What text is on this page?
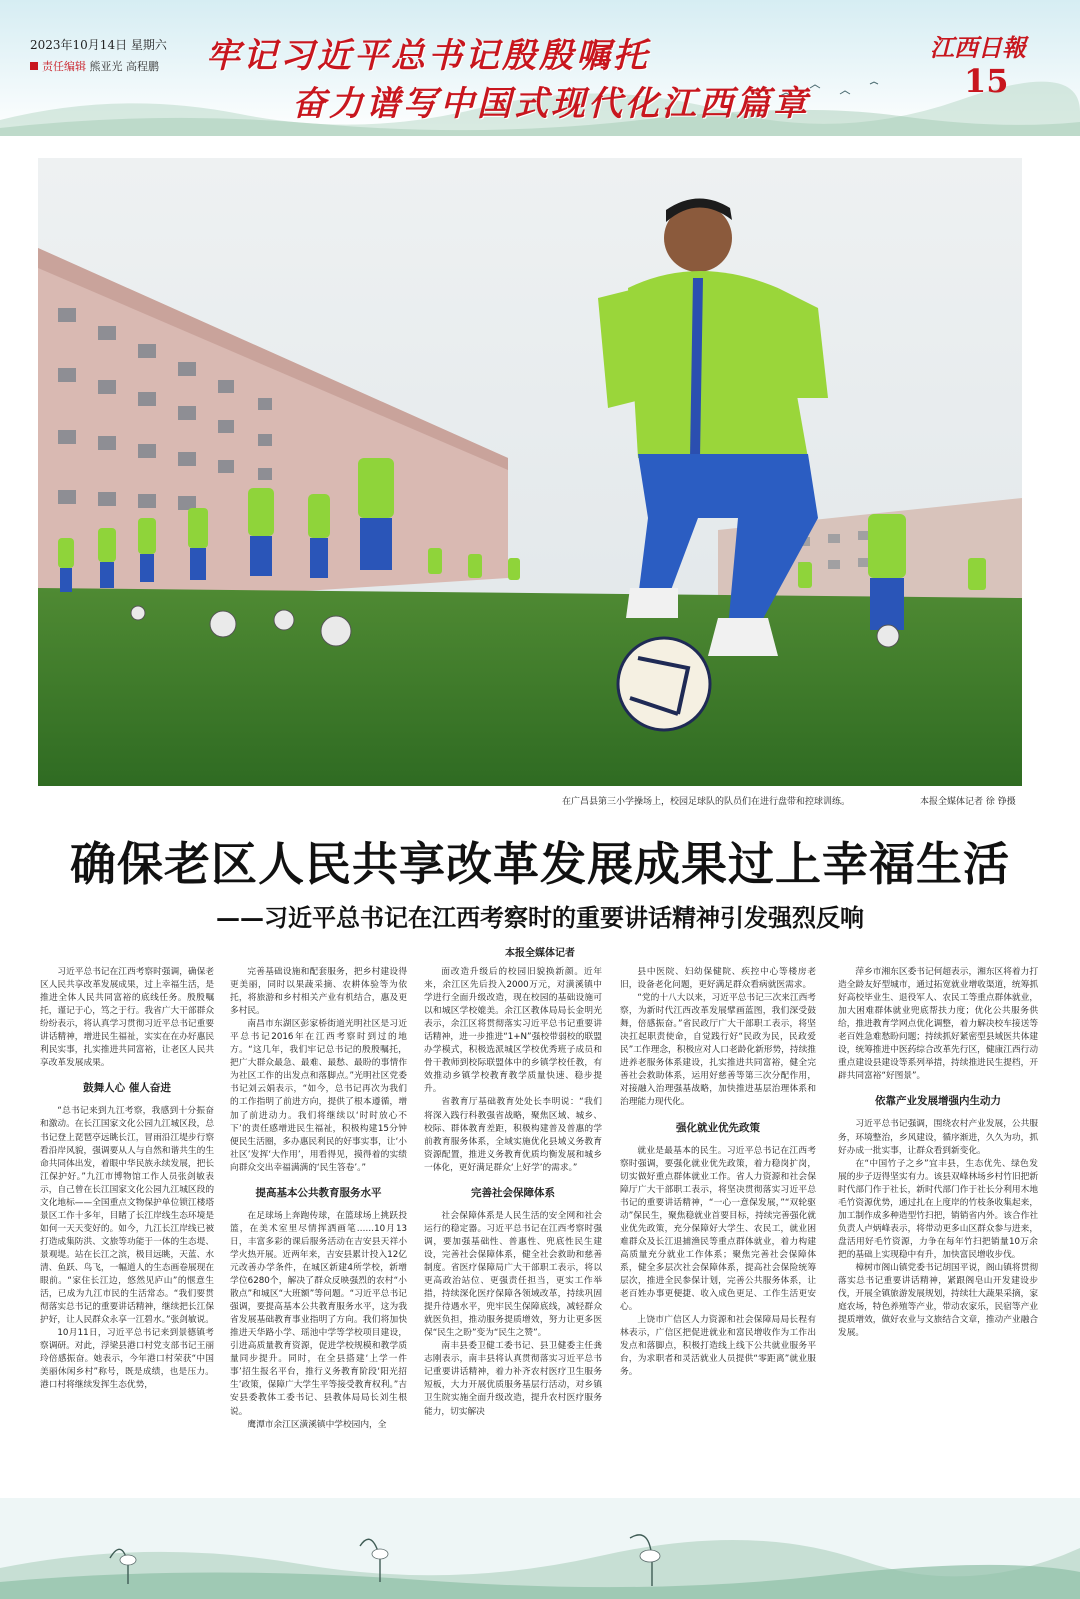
2023年10月14日 星期六
责任编辑 熊亚光 高程鹏 牢记习近平总书记殷殷嘱托
奋力谱写中国式现代化江西篇章
江西日報
15
在广昌县第三小学操场上，校园足球队的队员们在进行盘带和控球训练。	本报全媒体记者 徐 铮摄
确保老区人民共享改革发展成果过上幸福生活
——习近平总书记在江西考察时的重要讲话精神引发强烈反响
本报全媒体记者

习近平总书记在江西考察时强调，确保老区人民共享改革发展成果，过上幸福生活，是推进全体人民共同富裕的底线任务。殷殷嘱托，谨记于心，笃之于行。我省广大干部群众纷纷表示，将认真学习贯彻习近平总书记重要讲话精神，增进民生福祉，实实在在办好惠民利民实事，扎实推进共同富裕，让老区人民共享改革发展成果。

鼓舞人心 催人奋进

“总书记来到九江考察，我感到十分振奋和激动。在长江国家文化公园九江城区段，总书记登上琵琶亭远眺长江，冒雨沿江堤步行察看沿岸风貌，强调要从人与自然和谐共生的生命共同体出发，着眼中华民族永续发展，把长江保护好。”九江市博物馆工作人员张剑敏表示，自己曾在长江国家文化公园九江城区段的文化地标——全国重点文物保护单位锁江楼塔景区工作十多年，目睹了长江岸线生态环境是如何一天天变好的。如今，九江长江岸线已被打造成集防洪、文旅等功能于一体的生态堤、景观堤。站在长江之滨，极目远眺，天蓝、水清、鱼跃、鸟飞，一幅道人的生态画卷展现在眼前。“家住长江边，悠然见庐山”的惬意生活，已成为九江市民的生活常态。“我们要贯彻落实总书记的重要讲话精神，继续把长江保护好，让人民群众永享一江碧水。”张剑敏说。

10月11日，习近平总书记来到景德镇考察调研。对此，浮梁县港口村党支部书记王丽玲倍感振奋。她表示，今年港口村荣获“中国美丽休闲乡村”称号，既是成绩，也是压力。港口村将继续发挥生态优势，

完善基础设施和配套服务，把乡村建设得更美丽，同时以果蔬采摘、农耕体验等为依托，将旅游和乡村相关产业有机结合，惠及更多村民。

南昌市东湖区彭家桥街道光明社区是习近平总书记2016年在江西考察时到过的地方。“这几年，我们牢记总书记的殷殷嘱托，把广大群众最急、最难、最愁、最盼的事情作为社区工作的出发点和落脚点。”光明社区党委书记刘云娟表示，“如今，总书记再次为我们的工作指明了前进方向，提供了根本遵循，增加了前进动力。我们将继续以‘时时放心不下’的责任感增进民生福祉，积极构建15分钟便民生活圈，多办惠民利民的好事实事，让‘小社区’发挥‘大作用’，用看得见，摸得着的实绩向群众交出幸福满满的‘民生答卷’。”

提高基本公共教育服务水平

在足球场上奔跑传球，在篮球场上挑跃投篮，在美术室里尽情挥洒画笔……10月13日，丰富多彩的课后服务活动在吉安县天祥小学火热开展。近两年来，吉安县累计投入12亿元改善办学条件，在城区新建4所学校，新增学位6280个，解决了群众反映强烈的农村“小散点”和城区“大班额”等问题。“习近平总书记强调，要提高基本公共教育服务水平，这为我省发展基础教育事业指明了方向。我们将加快推进天华路小学、瑶池中学等学校项目建设，引进高质量教育资源，促进学校规模和教学质量同步提升。同时，在全县搭建‘上学一件事’招生报名平台，推行义务教育阶段‘阳光招生’政策，保障广大学生平等接受教育权利。”吉安县委教体工委书记、县教体局局长刘生根说。

鹰潭市余江区潢溪镇中学校园内，全

面改造升级后的校园旧貌换新颜。近年来，余江区先后投入2000万元，对潢溪镇中学进行全面升级改造，现在校园的基础设施可以和城区学校媲美。余江区教体局局长金明光表示，余江区将贯彻落实习近平总书记重要讲话精神，进一步推进“1+N”强校带弱校的联盟办学模式，积极选派城区学校优秀班子成员和骨干教师到校际联盟体中的乡镇学校任教，有效推动乡镇学校教育教学质量快速、稳步提升。

省教育厅基础教育处处长李明说：“我们将深入践行科教强省战略，聚焦区域、城乡、校际、群体教育差距，积极构建普及普惠的学前教育服务体系，全域实施优化县域义务教育资源配置，推进义务教育优质均衡发展和城乡一体化，更好满足群众‘上好学’的需求。”

完善社会保障体系

社会保障体系是人民生活的安全网和社会运行的稳定器。习近平总书记在江西考察时强调，要加强基础性、普惠性、兜底性民生建设，完善社会保障体系，健全社会救助和慈善制度。省医疗保障局广大干部职工表示，将以更高政治站位、更强责任担当，更实工作举措，持续深化医疗保障各领域改革，持续巩固提升待遇水平，兜牢民生保障底线，减轻群众就医负担，推动服务提质增效，努力让更多医保“民生之盼”变为“民生之赞”。

南丰县委卫健工委书记、县卫健委主任龚志刚表示，南丰县将认真贯彻落实习近平总书记重要讲话精神，着力补齐农村医疗卫生服务短板，大力开展优质服务基层行活动，对乡镇卫生院实施全面升级改造，提升农村医疗服务能力，切实解决

县中医院、妇幼保健院、疾控中心等楼房老旧，设备老化问题，更好满足群众看病就医需求。

“党的十八大以来，习近平总书记三次来江西考察，为新时代江西改革发展擘画蓝图，我们深受鼓舞，倍感振奋。”省民政厅广大干部职工表示，将坚决扛起职责使命，自觉践行好“民政为民，民政爱民”工作理念，积极应对人口老龄化新形势，持续推进养老服务体系建设，扎实推进共同富裕，健全完善社会救助体系，运用好慈善等第三次分配作用，对接融入治理强基战略，加快推进基层治理体系和治理能力现代化。

强化就业优先政策

就业是最基本的民生。习近平总书记在江西考察时强调，要强化就业优先政策，着力稳岗扩岗，切实做好重点群体就业工作。省人力资源和社会保障厅广大干部职工表示，将坚决贯彻落实习近平总书记的重要讲话精神，“一心一意保发展，”“双轮驱动”保民生，聚焦稳就业首要目标，持续完善强化就业优先政策，充分保障好大学生、农民工，就业困难群众及长江退捕渔民等重点群体就业，着力构建高质量充分就业工作体系；聚焦完善社会保障体系，健全多层次社会保障体系，提高社会保险统筹层次，推进全民参保计划，完善公共服务体系，让老百姓办事更便捷、收入成色更足、工作生活更安心。

上饶市广信区人力资源和社会保障局局长程有林表示，广信区把促进就业和富民增收作为工作出发点和落脚点，积极打造线上线下公共就业服务平台，为求职者和灵活就业人员提供“零距离”就业服务。

萍乡市湘东区委书记何超表示，湘东区将着力打造全龄友好型城市，通过拓宽就业增收渠道，统筹抓好高校毕业生、退役军人、农民工等重点群体就业，加大困难群体就业兜底帮扶力度；优化公共服务供给，推进教育学网点优化调整，着力解决校车接送等老百姓急难愁盼问题；持续抓好紧密型县域医共体建设，统筹推进中医药综合改革先行区，健康江西行动重点建设县建设等系列举措，持续推进民生提档，开辟共同富裕“好图景”。

依靠产业发展增强内生动力

习近平总书记强调，围绕农村产业发展，公共服务，环境整治，乡风建设，循序渐进，久久为功，抓好办成一批实事，让群众看到新变化。

在“中国竹子之乡”宜丰县，生态优先、绿色发展的步子迈得坚实有力。该县双峰林场乡村竹旧把新时代部门作于社长，新时代部门作于社长分利用木地毛竹资源优势，通过扎在上度岸的竹枝条收集起来，加工制作成多种造型竹扫把，销销省内外。该合作社负责人卢炳峰表示，将带动更多山区群众参与进来，盘活用好毛竹资源，力争在每年竹扫把销量10万余把的基础上实现稳中有升，加快富民增收步伐。

樟树市阁山镇党委书记胡国平说，阁山镇将贯彻落实总书记重要讲话精神，紧跟阁皂山开发建设步伐，开展全镇旅游发展规划，持续壮大蔬果采摘，家庭农场，特色养殖等产业，带动农家乐，民宿等产业提质增效，做好农业与文旅结合文章，推动产业融合发展。
